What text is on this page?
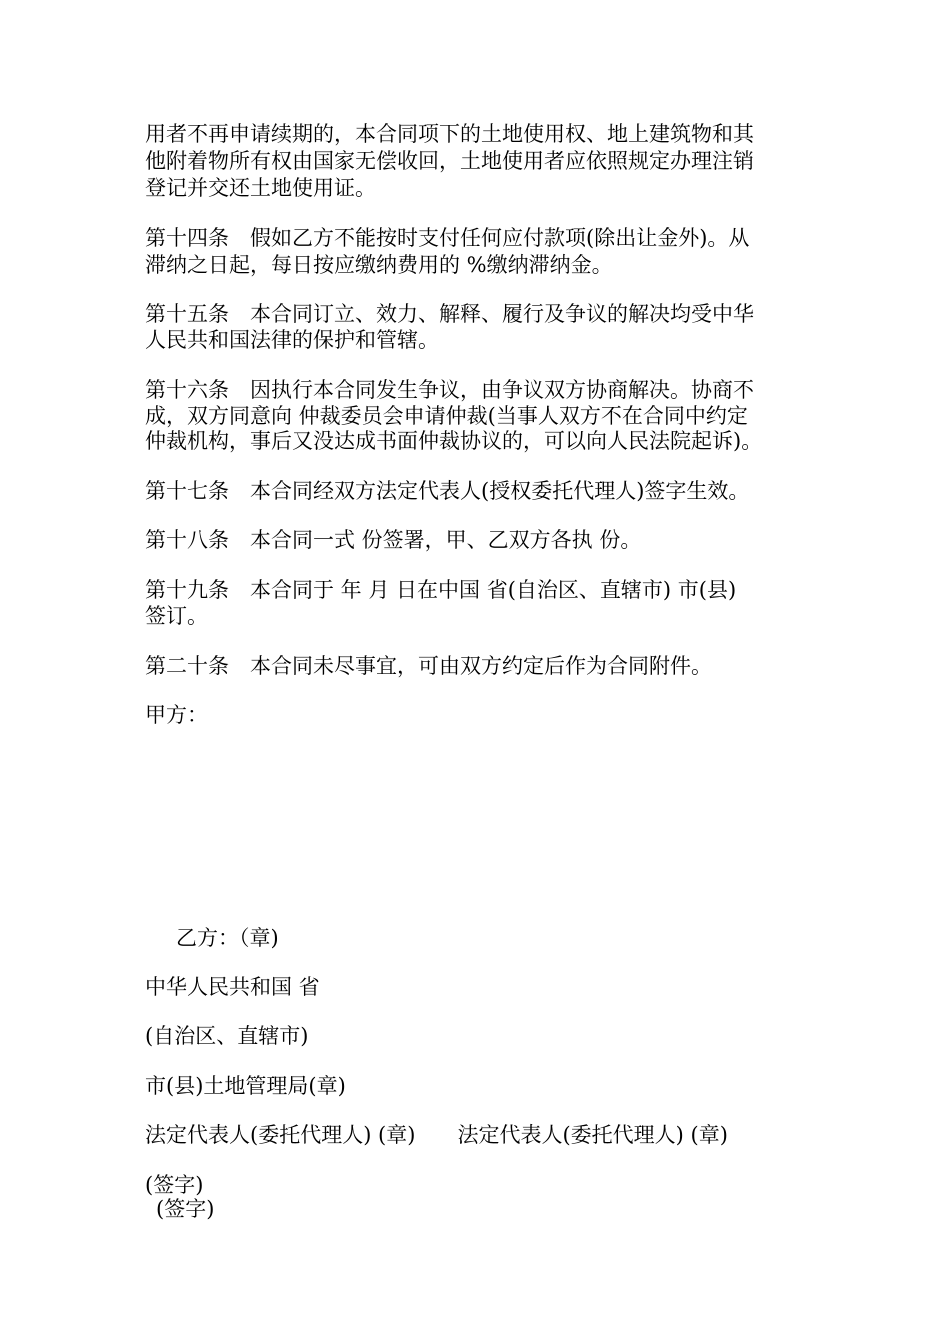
用者不再申请续期的，本合同项下的土地使用权、地上建筑物和其

他附着物所有权由国家无偿收回，土地使用者应依照规定办理注销

登记并交还土地使用证。

第十四条　假如乙方不能按时支付任何应付款项(除出让金外)。从

滞纳之日起，每日按应缴纳费用的 %缴纳滞纳金。

第十五条　本合同订立、效力、解释、履行及争议的解决均受中华

人民共和国法律的保护和管辖。

第十六条　因执行本合同发生争议，由争议双方协商解决。协商不

成，双方同意向 仲裁委员会申请仲裁(当事人双方不在合同中约定

仲裁机构，事后又没达成书面仲裁协议的，可以向人民法院起诉)。

第十七条　本合同经双方法定代表人(授权委托代理人)签字生效。

第十八条　本合同一式 份签署，甲、乙双方各执 份。

第十九条　本合同于 年 月 日在中国 省(自治区、直辖市) 市(县)

签订。

第二十条　本合同未尽事宜，可由双方约定后作为合同附件。

甲方：

乙方：（章)

中华人民共和国 省

(自治区、直辖市)

市(县)土地管理局(章)

法定代表人(委托代理人) (章)　　法定代表人(委托代理人) (章)

(签字)

(签字)
